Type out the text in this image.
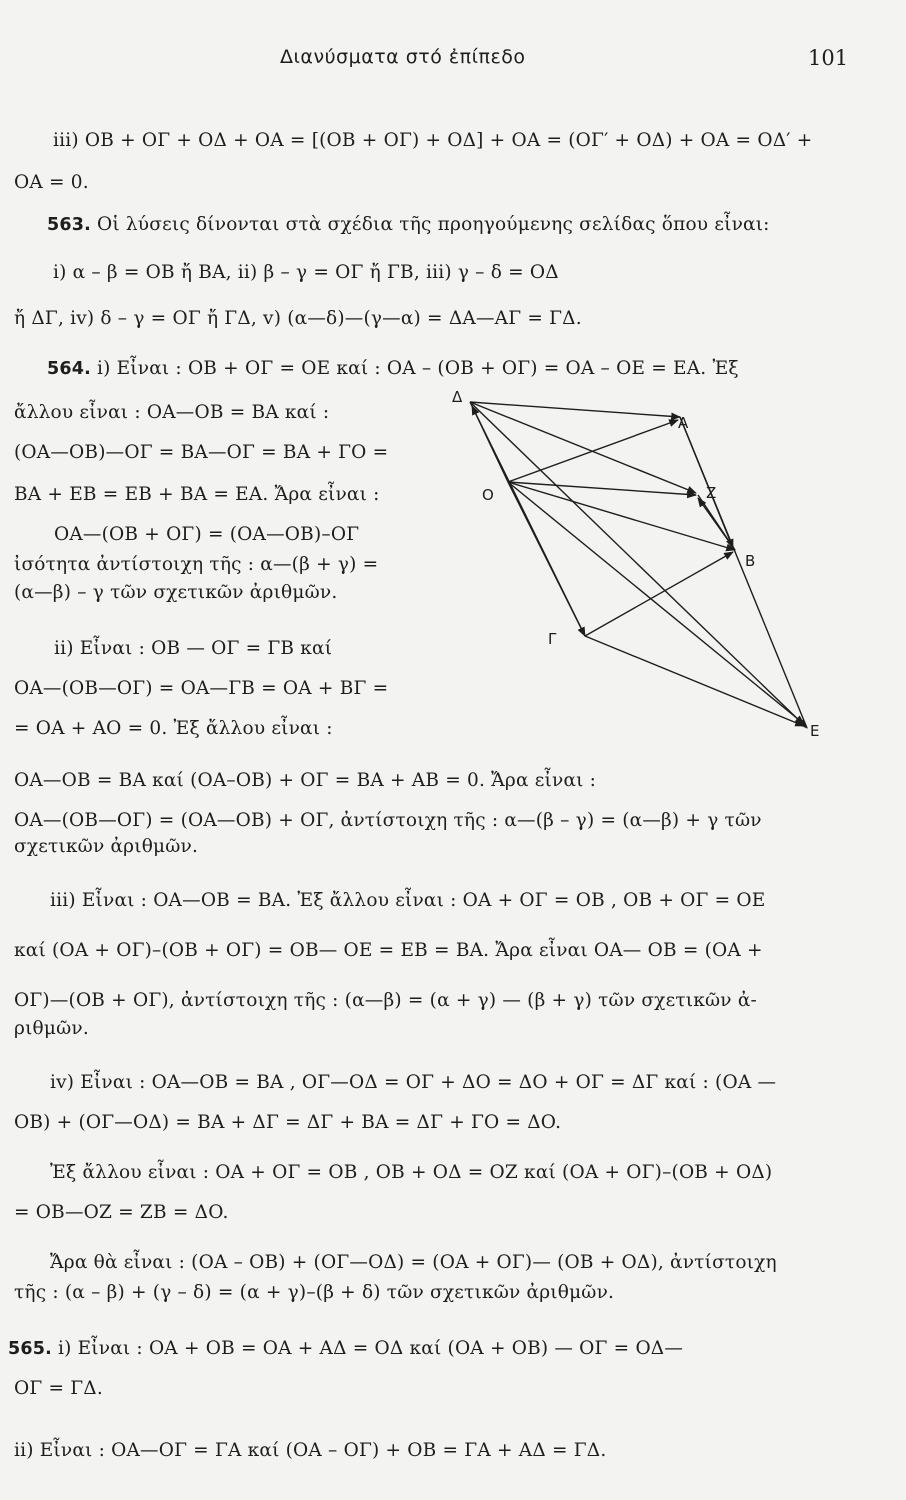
Διανύσματα στό ἐπίπεδο	101
iii) OB + OΓ + OΔ + OA = [(OB + OΓ) + OΔ] + OA = (OΓ′ + OΔ) + OA = OΔ′ +
OA = 0.
563. Οἱ λύσεις δίνονται στὰ σχέδια τῆς προηγούμενης σελίδας ὅπου εἶναι:
i) α – β = OB ἤ BA, ii) β – γ = OΓ ἤ ΓB, iii) γ – δ = OΔ
ἤ ΔΓ, iv) δ – γ = OΓ ἤ ΓΔ, v) (α—δ)—(γ—α) = ΔA—AΓ = ΓΔ.
564. i) Εἶναι : OB + OΓ = OE καί : OA – (OB + OΓ) = OA – OE = EA. Ἐξ
ἄλλου εἶναι : OA—OB = BA καί :
(OA—OB)—OΓ = BA—OΓ = BA + ΓO =
BA + EB = EB + BA = EA. Ἄρα εἶναι :
OA—(OB + OΓ) = (OA—OB)–OΓ
ἰσότητα ἀντίστοιχη τῆς : α—(β + γ) =
(α—β) – γ τῶν σχετικῶν ἀριθμῶν.
ii) Εἶναι : OB — OΓ = ΓB καί
OA—(OB—OΓ) = OA—ΓB = OA + BΓ =
= OA + AO = 0. Ἐξ ἄλλου εἶναι :
OA—OB = BA καί (OA–OB) + OΓ = BA + AB = 0. Ἄρα εἶναι :
OA—(OB—OΓ) = (OA—OB) + OΓ, ἀντίστοιχη τῆς : α—(β – γ) = (α—β) + γ τῶν
σχετικῶν ἀριθμῶν.
iii) Εἶναι : OA—OB = BA. Ἐξ ἄλλου εἶναι : OA + OΓ = OB , OB + OΓ = OE
καί (OA + OΓ)–(OB + OΓ) = OB— OE = EB = BA. Ἄρα εἶναι OA— OB = (OA +
OΓ)—(OB + OΓ), ἀντίστοιχη τῆς : (α—β) = (α + γ) — (β + γ) τῶν σχετικῶν ἀ-
ριθμῶν.
iv) Εἶναι : OA—OB = BA , OΓ—OΔ = OΓ + ΔO = ΔO + OΓ = ΔΓ καί : (OA —
OB) + (OΓ—OΔ) = BA + ΔΓ = ΔΓ + BA = ΔΓ + ΓO = ΔO.
Ἐξ ἄλλου εἶναι : OA + OΓ = OB , OB + OΔ = OZ καί (OA + OΓ)–(OB + OΔ)
= OB—OZ = ZB = ΔO.
Ἄρα θὰ εἶναι : (OA – OB) + (OΓ—OΔ) = (OA + OΓ)— (OB + OΔ), ἀντίστοιχη
τῆς : (α – β) + (γ – δ) = (α + γ)–(β + δ) τῶν σχετικῶν ἀριθμῶν.
565. i) Εἶναι : OA + OB = OA + AΔ = OΔ καί (OA + OB) — OΓ = OΔ—
OΓ = ΓΔ.
ii) Εἶναι : OA—OΓ = ΓA καί (OA – OΓ) + OB = ΓA + AΔ = ΓΔ.
Δ
A
O	Z
B
Γ
E
